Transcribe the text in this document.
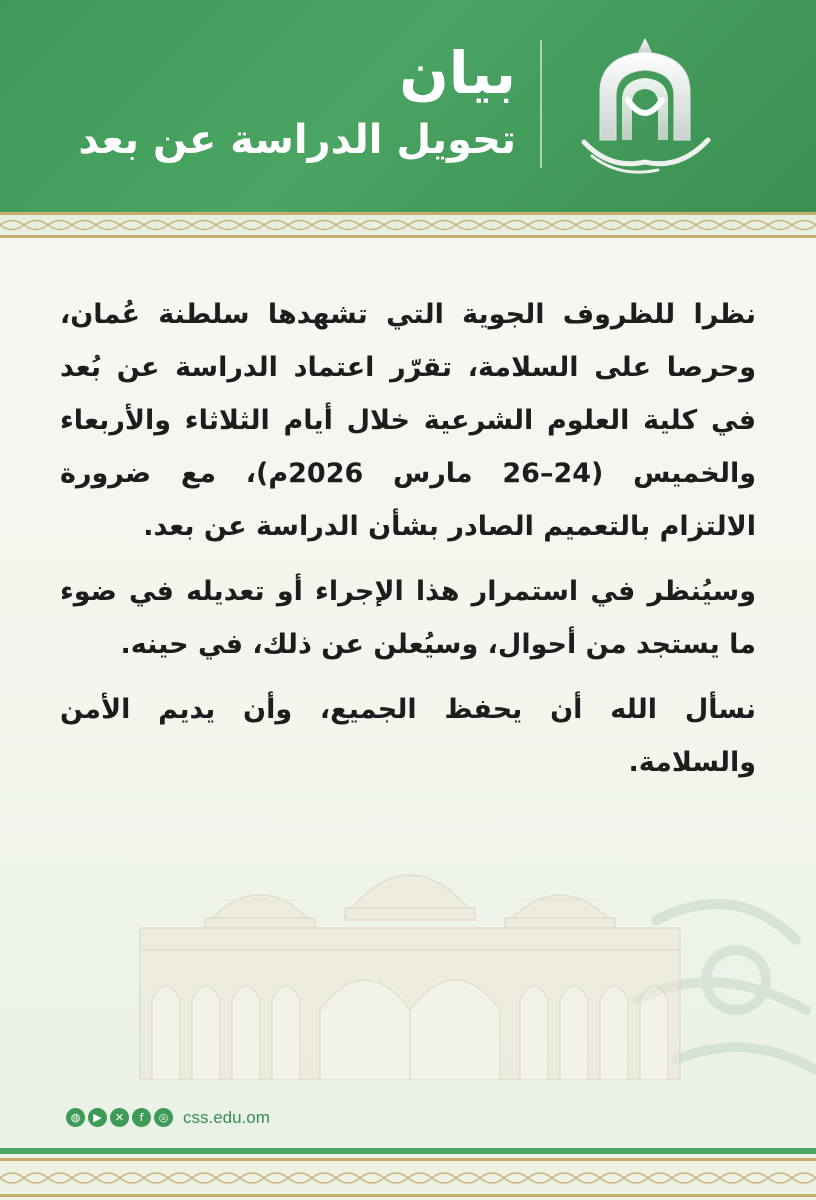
بيان
تحويل الدراسة عن بعد

نظرا للظروف الجوية التي تشهدها سلطنة عُمان، وحرصا على السلامة، تقرّر اعتماد الدراسة عن بُعد في كلية العلوم الشرعية خلال أيام الثلاثاء والأربعاء والخميس (24–26 مارس 2026م)، مع ضرورة الالتزام بالتعميم الصادر بشأن الدراسة عن بعد.

وسيُنظر في استمرار هذا الإجراء أو تعديله في ضوء ما يستجد من أحوال، وسيُعلن عن ذلك، في حينه.

نسأل الله أن يحفظ الجميع، وأن يديم الأمن والسلامة.

◍	▶	✕	f	◎ css.edu.om
